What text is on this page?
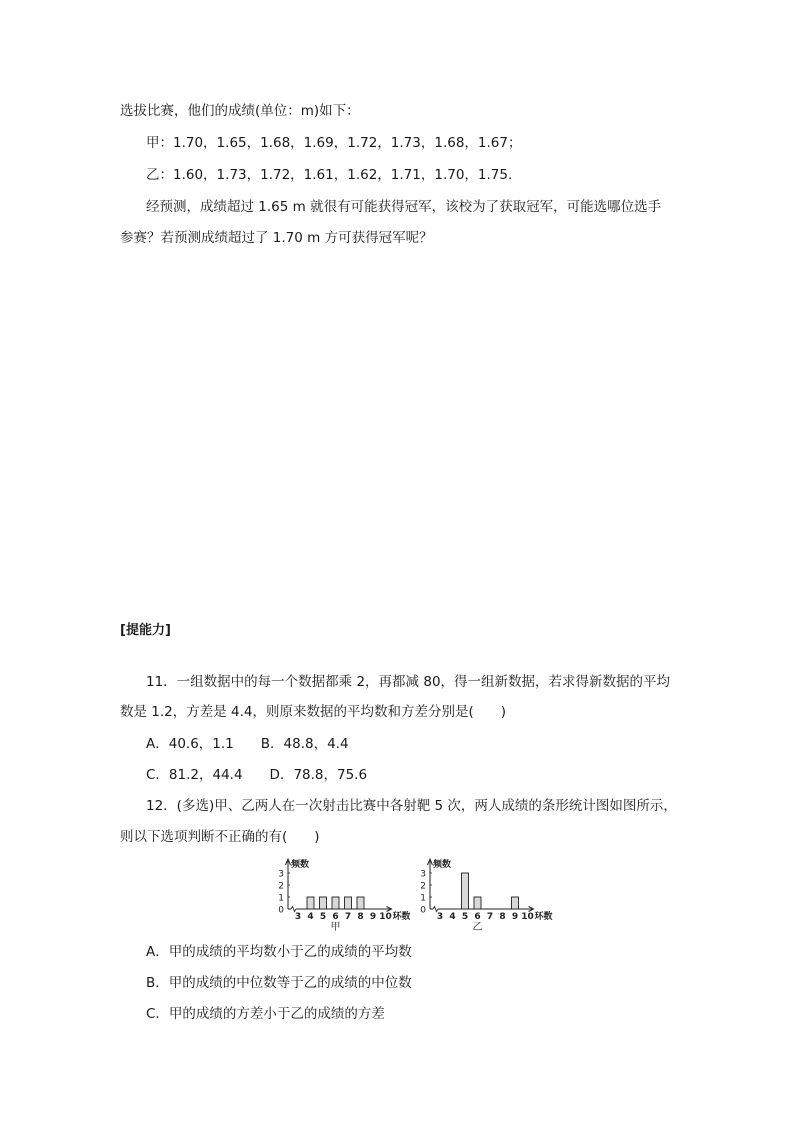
选拔比赛，他们的成绩(单位：m)如下：
甲：1.70，1.65，1.68，1.69，1.72，1.73，1.68，1.67；
乙：1.60，1.73，1.72，1.61，1.62，1.71，1.70，1.75.
经预测，成绩超过 1.65 m 就很有可能获得冠军，该校为了获取冠军，可能选哪位选手
参赛？若预测成绩超过了 1.70 m 方可获得冠军呢？
[提能力]
11．一组数据中的每一个数据都乘 2，再都减 80，得一组新数据，若求得新数据的平均
数是 1.2，方差是 4.4，则原来数据的平均数和方差分别是(　　)
A．40.6，1.1　　B．48.8，4.4
C．81.2，44.4　　D．78.8，75.6
12．(多选)甲、乙两人在一次射击比赛中各射靶 5 次，两人成绩的条形统计图如图所示，
则以下选项判断不正确的有(　　)
0
1
2
3
频数
3 4 5 6 7 8 9 10 环数
甲
0
1
2
3
频数
3 4 5 6 7 8 9 10 环数
乙
A．甲的成绩的平均数小于乙的成绩的平均数
B．甲的成绩的中位数等于乙的成绩的中位数
C．甲的成绩的方差小于乙的成绩的方差
